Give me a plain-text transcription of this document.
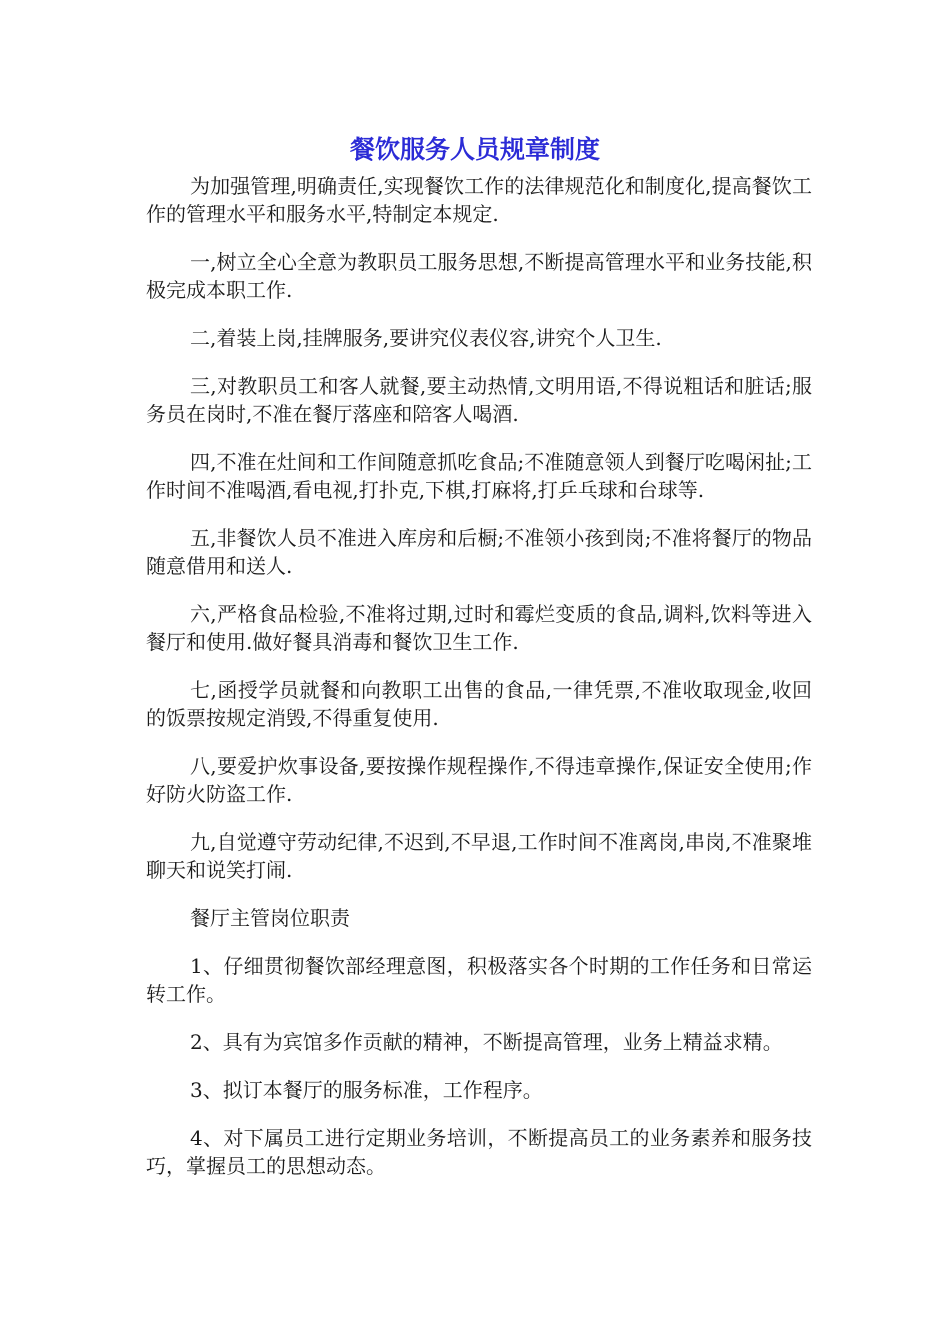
餐饮服务人员规章制度

为加强管理,明确责任,实现餐饮工作的法律规范化和制度化,提高餐饮工作的管理水平和服务水平,特制定本规定.

一,树立全心全意为教职员工服务思想,不断提高管理水平和业务技能,积极完成本职工作.

二,着装上岗,挂牌服务,要讲究仪表仪容,讲究个人卫生.

三,对教职员工和客人就餐,要主动热情,文明用语,不得说粗话和脏话;服务员在岗时,不准在餐厅落座和陪客人喝酒.

四,不准在灶间和工作间随意抓吃食品;不准随意领人到餐厅吃喝闲扯;工作时间不准喝酒,看电视,打扑克,下棋,打麻将,打乒乓球和台球等.

五,非餐饮人员不准进入库房和后橱;不准领小孩到岗;不准将餐厅的物品随意借用和送人.

六,严格食品检验,不准将过期,过时和霉烂变质的食品,调料,饮料等进入餐厅和使用.做好餐具消毒和餐饮卫生工作.

七,函授学员就餐和向教职工出售的食品,一律凭票,不准收取现金,收回的饭票按规定消毁,不得重复使用.

八,要爱护炊事设备,要按操作规程操作,不得违章操作,保证安全使用;作好防火防盗工作.

九,自觉遵守劳动纪律,不迟到,不早退,工作时间不准离岗,串岗,不准聚堆聊天和说笑打闹.

餐厅主管岗位职责

1、仔细贯彻餐饮部经理意图，积极落实各个时期的工作任务和日常运转工作。

2、具有为宾馆多作贡献的精神，不断提高管理，业务上精益求精。

3、拟订本餐厅的服务标准，工作程序。

4、对下属员工进行定期业务培训，不断提高员工的业务素养和服务技巧，掌握员工的思想动态。
